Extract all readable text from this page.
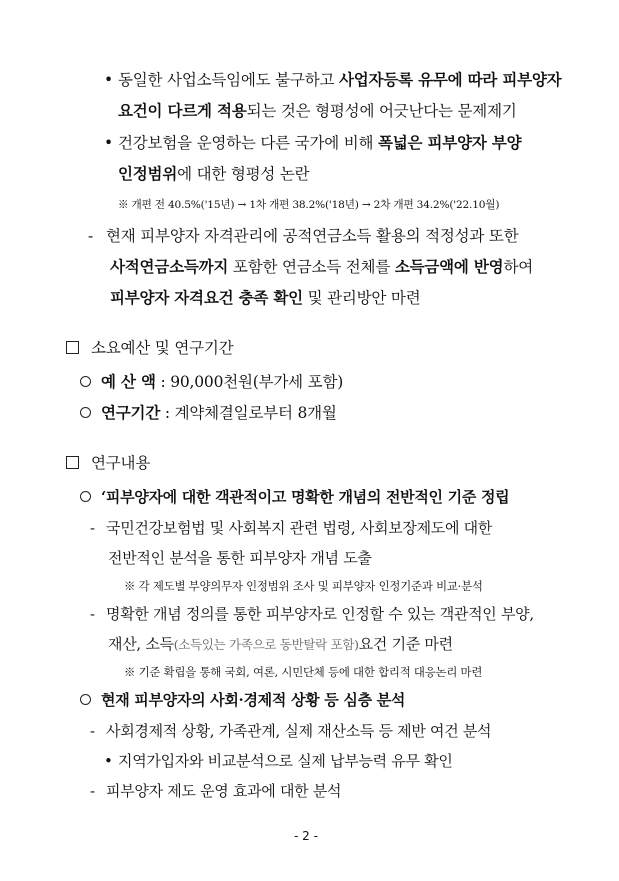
• 동일한 사업소득임에도 불구하고 사업자등록 유무에 따라 피부양자
요건이 다르게 적용되는 것은 형평성에 어긋난다는 문제제기
• 건강보험을 운영하는 다른 국가에 비해 폭넓은 피부양자 부양
인정범위에 대한 형평성 논란
※ 개편 전 40.5%('15년) → 1차 개편 38.2%('18년) → 2차 개편 34.2%('22.10월)
- 현재 피부양자 자격관리에 공적연금소득 활용의 적정성과 또한
사적연금소득까지 포함한 연금소득 전체를 소득금액에 반영하여
피부양자 자격요건 충족 확인 및 관리방안 마련
소요예산 및 연구기간
예 산 액 : 90,000천원(부가세 포함)
연구기간 : 계약체결일로부터 8개월
연구내용
‘피부양자에 대한 객관적이고 명확한 개념의 전반적인 기준 정립
- 국민건강보험법 및 사회복지 관련 법령, 사회보장제도에 대한
전반적인 분석을 통한 피부양자 개념 도출
※ 각 제도별 부양의무자 인정범위 조사 및 피부양자 인정기준과 비교·분석
- 명확한 개념 정의를 통한 피부양자로 인정할 수 있는 객관적인 부양,
재산, 소득(소득있는 가족으로 동반탈락 포함)요건 기준 마련
※ 기준 확립을 통해 국회, 여론, 시민단체 등에 대한 합리적 대응논리 마련
현재 피부양자의 사회·경제적 상황 등 심층 분석
- 사회경제적 상황, 가족관계, 실제 재산소득 등 제반 여건 분석
• 지역가입자와 비교분석으로 실제 납부능력 유무 확인
- 피부양자 제도 운영 효과에 대한 분석
- 2 -
